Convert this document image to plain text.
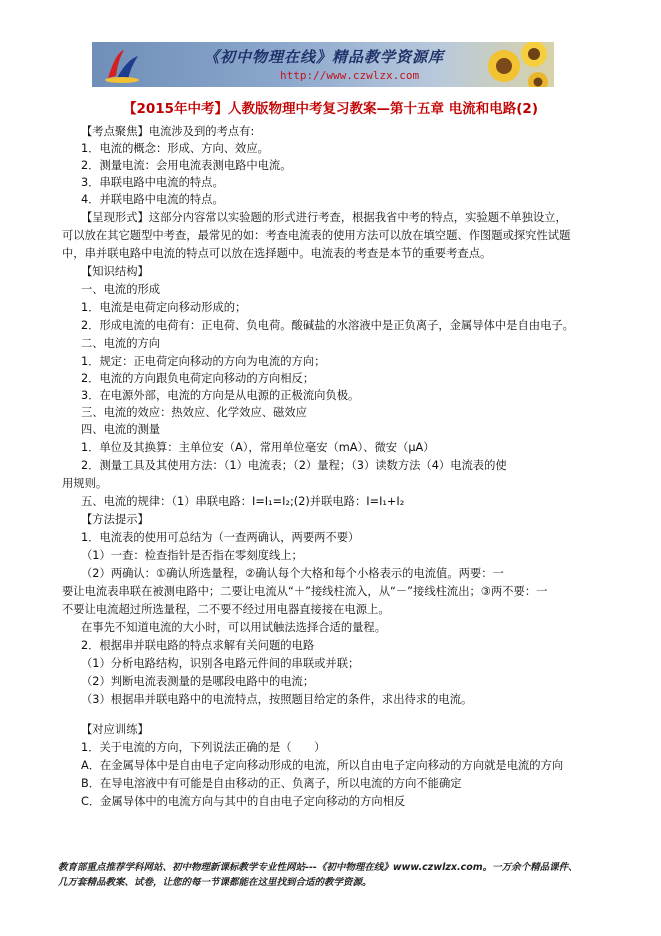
《初中物理在线》精品教学资源库
http://www.czwlzx.com
【2015年中考】人教版物理中考复习教案—第十五章 电流和电路(2)
【考点聚焦】电流涉及到的考点有:
1．电流的概念：形成、方向、效应。
2．测量电流：会用电流表测电路中电流。
3．串联电路中电流的特点。
4．并联电路中电流的特点。
【呈现形式】这部分内容常以实验题的形式进行考查，根据我省中考的特点，实验题不单独设立，
可以放在其它题型中考查，最常见的如：考查电流表的使用方法可以放在填空题、作图题或探究性试题
中，串并联电路中电流的特点可以放在选择题中。电流表的考查是本节的重要考查点。
【知识结构】
一、电流的形成
1．电流是电荷定向移动形成的；
2．形成电流的电荷有：正电荷、负电荷。酸碱盐的水溶液中是正负离子，金属导体中是自由电子。
二、电流的方向
1．规定：正电荷定向移动的方向为电流的方向；
2．电流的方向跟负电荷定向移动的方向相反；
3．在电源外部，电流的方向是从电源的正极流向负极。
三、电流的效应：热效应、化学效应、磁效应
四、电流的测量
1．单位及其换算：主单位安（A），常用单位毫安（mA）、微安（μA）
2．测量工具及其使用方法：（1）电流表；（2）量程；（3）读数方法（4）电流表的使
用规则。
五、电流的规律：（1）串联电路：I=I₁=I₂;(2)并联电路：I=I₁+I₂
【方法提示】
1．电流表的使用可总结为（一查两确认，两要两不要）
（1）一查：检查指针是否指在零刻度线上；
（2）两确认：①确认所选量程，②确认每个大格和每个小格表示的电流值。两要：一
要让电流表串联在被测电路中；二要让电流从“＋”接线柱流入，从“－”接线柱流出；③两不要：一
不要让电流超过所选量程，二不要不经过用电器直接接在电源上。
在事先不知道电流的大小时，可以用试触法选择合适的量程。
2．根据串并联电路的特点求解有关问题的电路
（1）分析电路结构，识别各电路元件间的串联或并联；
（2）判断电流表测量的是哪段电路中的电流；
（3）根据串并联电路中的电流特点，按照题目给定的条件，求出待求的电流。
【对应训练】
1．关于电流的方向，下列说法正确的是（　　）
A．在金属导体中是自由电子定向移动形成的电流，所以自由电子定向移动的方向就是电流的方向
B．在导电溶液中有可能是自由移动的正、负离子，所以电流的方向不能确定
C．金属导体中的电流方向与其中的自由电子定向移动的方向相反
教育部重点推荐学科网站、初中物理新课标教学专业性网站---《初中物理在线》www.czwlzx.com。一万余个精品课件、
几万套精品教案、试卷，让您的每一节课都能在这里找到合适的教学资源。
